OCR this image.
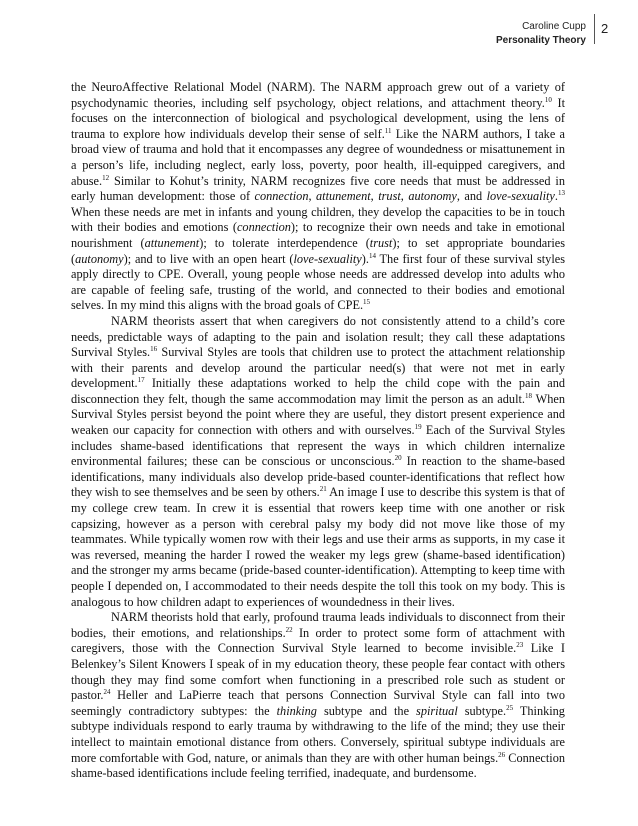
Caroline Cupp
Personality Theory
2

the NeuroAffective Relational Model (NARM). The NARM approach grew out of a variety of psychodynamic theories, including self psychology, object relations, and attachment theory.$^{10}$ It focuses on the interconnection of biological and psychological development, using the lens of trauma to explore how individuals develop their sense of self.$^{11}$ Like the NARM authors, I take a broad view of trauma and hold that it encompasses any degree of woundedness or misattunement in a person’s life, including neglect, early loss, poverty, poor health, ill-equipped caregivers, and abuse.$^{12}$ Similar to Kohut’s trinity, NARM recognizes five core needs that must be addressed in early human development: those of connection, attunement, trust, autonomy, and love-sexuality.$^{13}$ When these needs are met in infants and young children, they develop the capacities to be in touch with their bodies and emotions (connection); to recognize their own needs and take in emotional nourishment (attunement); to tolerate interdependence (trust); to set appropriate boundaries (autonomy); and to live with an open heart (love-sexuality).$^{14}$ The first four of these survival styles apply directly to CPE. Overall, young people whose needs are addressed develop into adults who are capable of feeling safe, trusting of the world, and connected to their bodies and emotional selves. In my mind this aligns with the broad goals of CPE.$^{15}$

NARM theorists assert that when caregivers do not consistently attend to a child’s core needs, predictable ways of adapting to the pain and isolation result; they call these adaptations Survival Styles.$^{16}$ Survival Styles are tools that children use to protect the attachment relationship with their parents and develop around the particular need(s) that were not met in early development.$^{17}$ Initially these adaptations worked to help the child cope with the pain and disconnection they felt, though the same accommodation may limit the person as an adult.$^{18}$ When Survival Styles persist beyond the point where they are useful, they distort present experience and weaken our capacity for connection with others and with ourselves.$^{19}$ Each of the Survival Styles includes shame-based identifications that represent the ways in which children internalize environmental failures; these can be conscious or unconscious.$^{20}$ In reaction to the shame-based identifications, many individuals also develop pride-based counter-identifications that reflect how they wish to see themselves and be seen by others.$^{21}$ An image I use to describe this system is that of my college crew team. In crew it is essential that rowers keep time with one another or risk capsizing, however as a person with cerebral palsy my body did not move like those of my teammates. While typically women row with their legs and use their arms as supports, in my case it was reversed, meaning the harder I rowed the weaker my legs grew (shame-based identification) and the stronger my arms became (pride-based counter-identification). Attempting to keep time with people I depended on, I accommodated to their needs despite the toll this took on my body. This is analogous to how children adapt to experiences of woundedness in their lives.

NARM theorists hold that early, profound trauma leads individuals to disconnect from their bodies, their emotions, and relationships.$^{22}$ In order to protect some form of attachment with caregivers, those with the Connection Survival Style learned to become invisible.$^{23}$ Like I Belenkey’s Silent Knowers I speak of in my education theory, these people fear contact with others though they may find some comfort when functioning in a prescribed role such as student or pastor.$^{24}$ Heller and LaPierre teach that persons Connection Survival Style can fall into two seemingly contradictory subtypes: the thinking subtype and the spiritual subtype.$^{25}$ Thinking subtype individuals respond to early trauma by withdrawing to the life of the mind; they use their intellect to maintain emotional distance from others. Conversely, spiritual subtype individuals are more comfortable with God, nature, or animals than they are with other human beings.$^{26}$ Connection shame-based identifications include feeling terrified, inadequate, and burdensome.
